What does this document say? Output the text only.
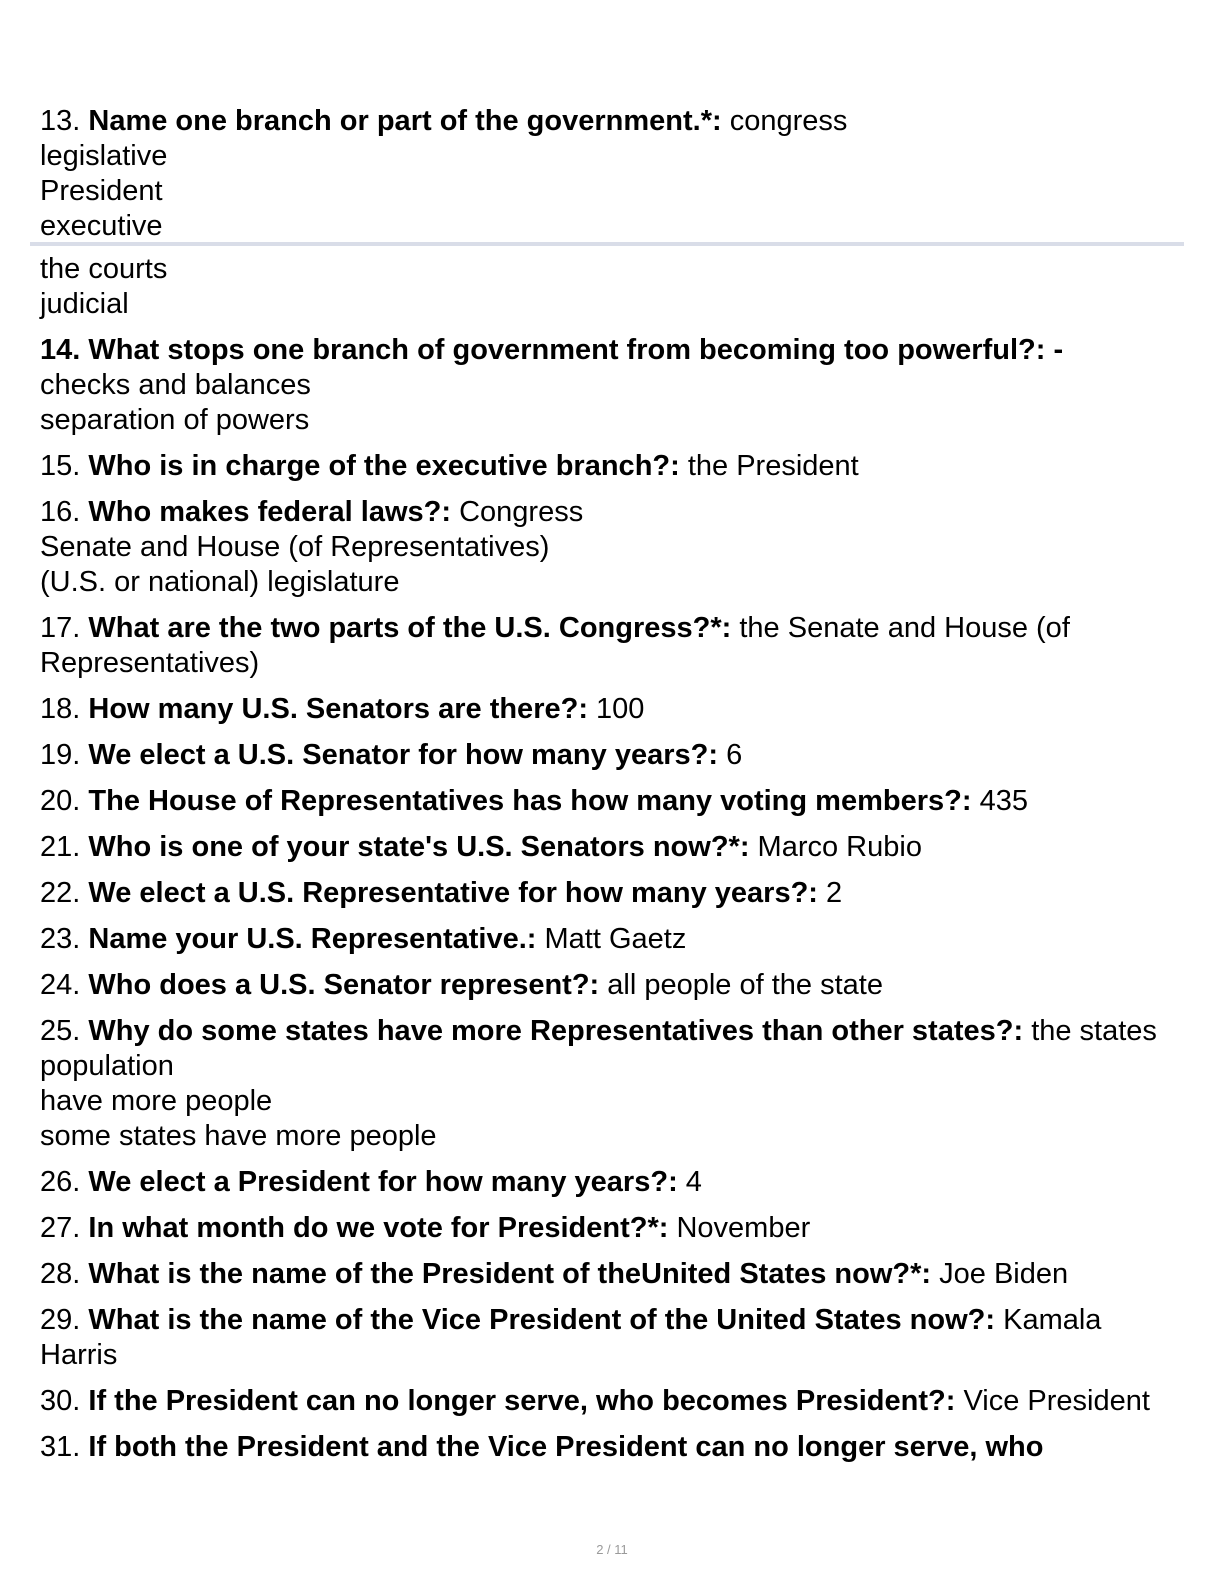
13. Name one branch or part of the government.*: congress
legislative
President
executive
the courts
judicial
14. What stops one branch of government from becoming too powerful?: -
checks and balances
separation of powers
15. Who is in charge of the executive branch?: the President
16. Who makes federal laws?: Congress
Senate and House (of Representatives)
(U.S. or national) legislature
17. What are the two parts of the U.S. Congress?*: the Senate and House (of Representatives)
18. How many U.S. Senators are there?: 100
19. We elect a U.S. Senator for how many years?: 6
20. The House of Representatives has how many voting members?: 435
21. Who is one of your state's U.S. Senators now?*: Marco Rubio
22. We elect a U.S. Representative for how many years?: 2
23. Name your U.S. Representative.: Matt Gaetz
24. Who does a U.S. Senator represent?: all people of the state
25. Why do some states have more Representatives than other states?: the states population
have more people
some states have more people
26. We elect a President for how many years?: 4
27. In what month do we vote for President?*: November
28. What is the name of the President of theUnited States now?*: Joe Biden
29. What is the name of the Vice President of the United States now?: Kamala Harris
30. If the President can no longer serve, who becomes President?: Vice President
31. If both the President and the Vice President can no longer serve, who
2 / 11
